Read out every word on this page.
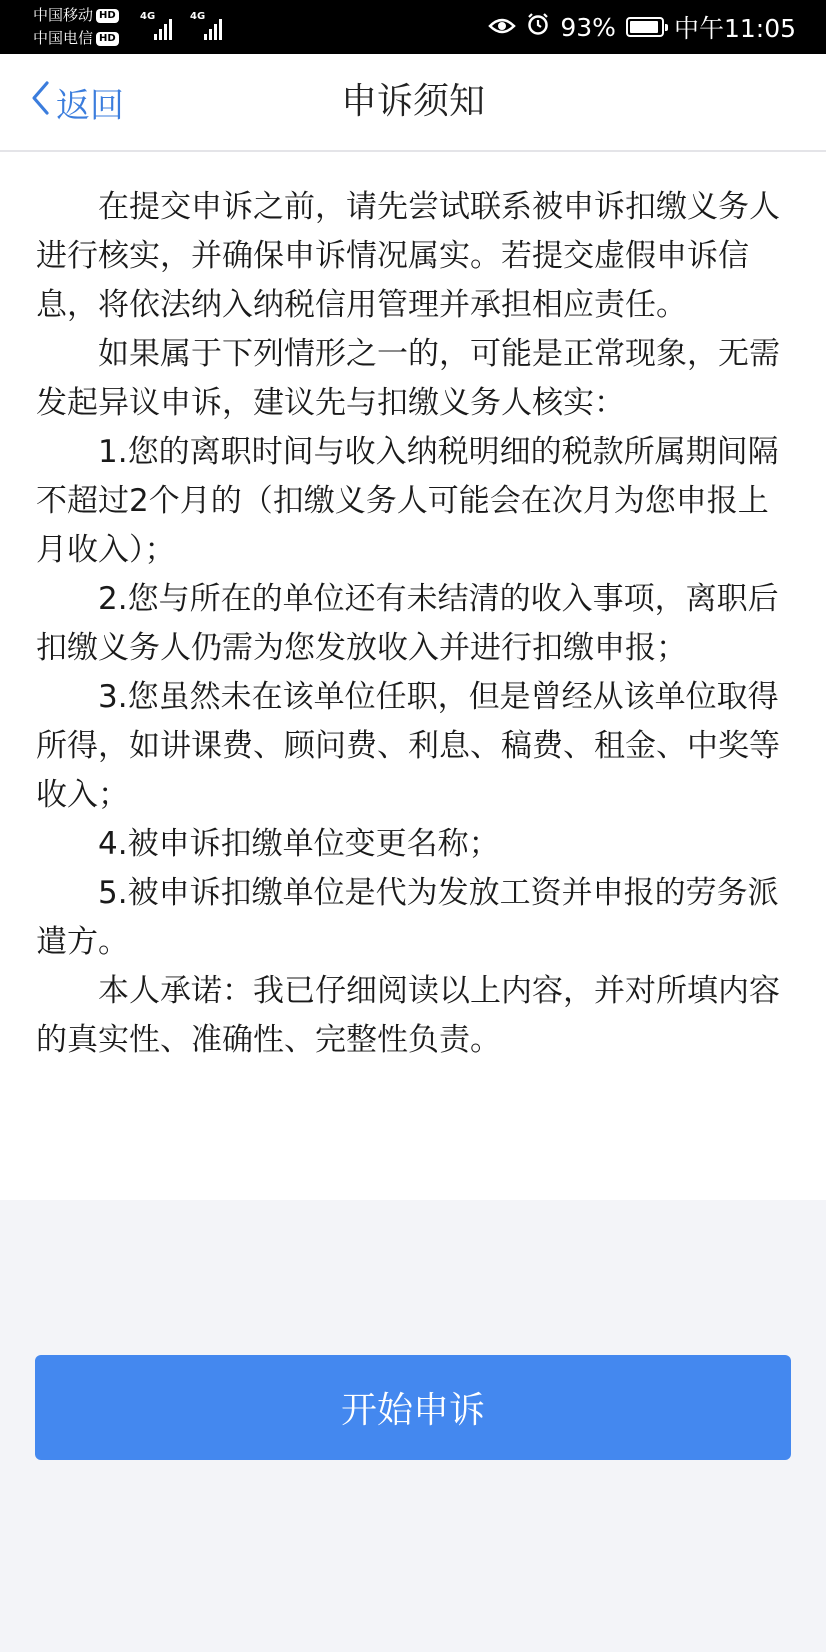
中国移动 HD
中国电信 HD
4G	4G	93% 中午11:05
返回	申诉须知

在提交申诉之前，请先尝试联系被申诉扣缴义务人进行核实，并确保申诉情况属实。若提交虚假申诉信息，将依法纳入纳税信用管理并承担相应责任。

如果属于下列情形之一的，可能是正常现象，无需发起异议申诉，建议先与扣缴义务人核实：

1.您的离职时间与收入纳税明细的税款所属期间隔不超过2个月的（扣缴义务人可能会在次月为您申报上月收入）；

2.您与所在的单位还有未结清的收入事项，离职后扣缴义务人仍需为您发放收入并进行扣缴申报；

3.您虽然未在该单位任职，但是曾经从该单位取得所得，如讲课费、顾问费、利息、稿费、租金、中奖等收入；

4.被申诉扣缴单位变更名称；

5.被申诉扣缴单位是代为发放工资并申报的劳务派遣方。

本人承诺：我已仔细阅读以上内容，并对所填内容的真实性、准确性、完整性负责。

开始申诉
